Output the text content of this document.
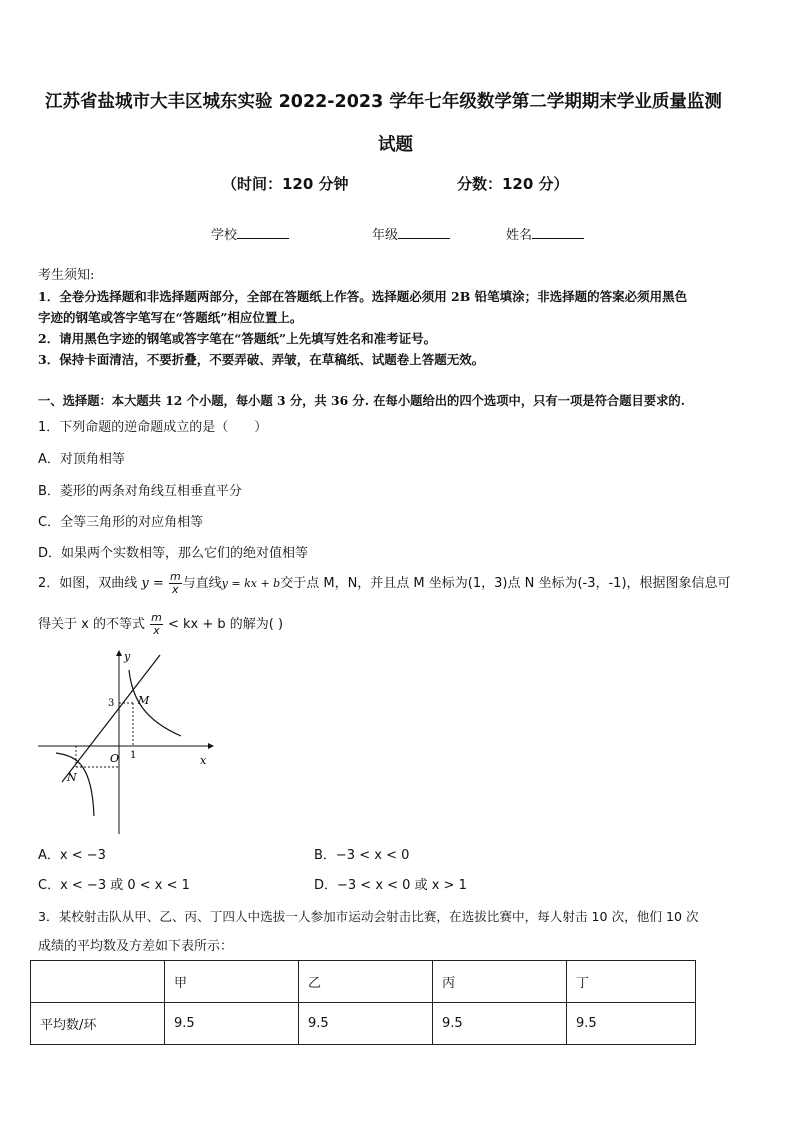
江苏省盐城市大丰区城东实验 2022-2023 学年七年级数学第二学期期末学业质量监测
试题
（时间：120 分钟	分数：120 分）
学校	年级	姓名
考生须知:
1．全卷分选择题和非选择题两部分，全部在答题纸上作答。选择题必须用 2B 铅笔填涂；非选择题的答案必须用黑色
字迹的钢笔或答字笔写在“答题纸”相应位置上。
2．请用黑色字迹的钢笔或答字笔在“答题纸”上先填写姓名和准考证号。
3．保持卡面清洁，不要折叠，不要弄破、弄皱，在草稿纸、试题卷上答题无效。
一、选择题：本大题共 12 个小题，每小题 3 分，共 36 分. 在每小题给出的四个选项中，只有一项是符合题目要求的.
1．下列命题的逆命题成立的是（　　）
A．对顶角相等
B．菱形的两条对角线互相垂直平分
C．全等三角形的对应角相等
D．如果两个实数相等，那么它们的绝对值相等
2．如图，双曲线 $y = \frac{m}{x}$ 与直线y = kx + b交于点 M，N，并且点 M 坐标为(1，3)点 N 坐标为(-3，-1)，根据图象信息可
得关于 x 的不等式 $\frac{m}{x}$ < kx + b 的解为( )
y
x
O 1
3 M
N
A．x < −3	B．−3 < x < 0
C．x < −3 或 0 < x < 1	D．−3 < x < 0 或 x > 1
3．某校射击队从甲、乙、丙、丁四人中选拔一人参加市运动会射击比赛，在选拔比赛中，每人射击 10 次，他们 10 次
成绩的平均数及方差如下表所示：
	甲	乙	丙	丁
平均数/环	9.5	9.5	9.5	9.5
